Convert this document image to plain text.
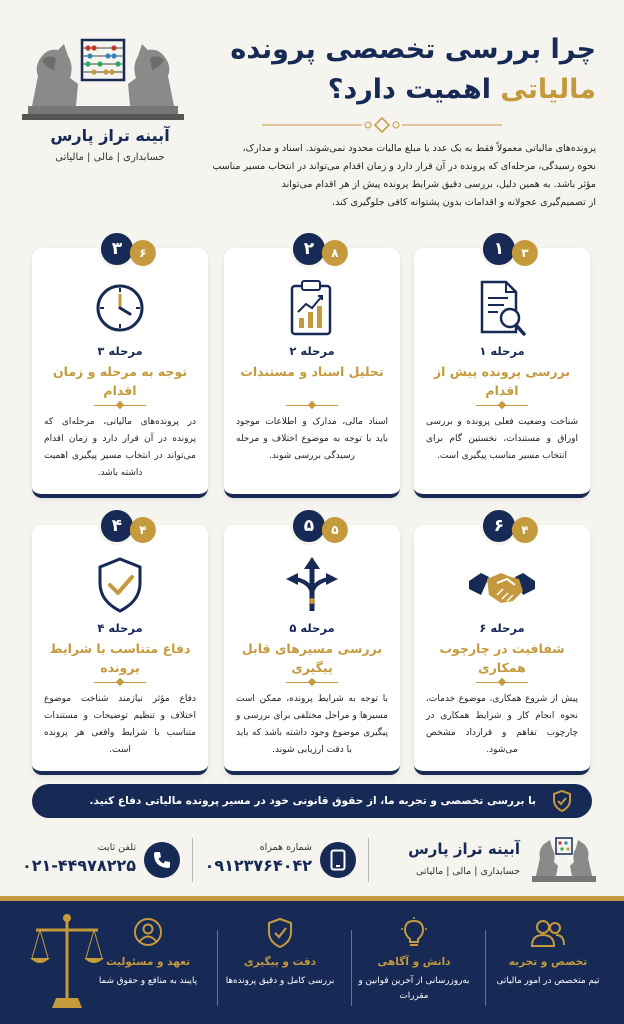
آبینه تراز پارس
حسابداری | مالی | مالیاتی
چرا بررسی تخصصی پرونده
مالیاتی اهمیت دارد؟
پرونده‌های مالیاتی معمولاً فقط به یک عدد یا مبلغ مالیات محدود نمی‌شوند. اسناد و مدارک،
نحوه رسیدگی، مرحله‌ای که پرونده در آن قرار دارد و زمان اقدام می‌تواند در انتخاب مسیر مناسب
مؤثر باشد. به همین دلیل، بررسی دقیق شرایط پرونده پیش از هر اقدام می‌تواند
از تصمیم‌گیری عجولانه و اقدامات بدون پشتوانه کافی جلوگیری کند.
۱	۳
مرحله ۱
بررسی پرونده پیش از اقدام
شناخت وضعیت فعلی پرونده و بررسی اوراق و مستندات، نخستین گام برای انتخاب مسیر مناسب پیگیری است.
۲	۸
مرحله ۲
تحلیل اسناد و مستندات
اسناد مالی، مدارک و اطلاعات موجود باید با توجه به موضوع اختلاف و مرحله رسیدگی بررسی شوند.
۳	۶
مرحله ۳
توجه به مرحله و زمان اقدام
در پرونده‌های مالیاتی، مرحله‌ای که پرونده در آن قرار دارد و زمان اقدام می‌تواند در انتخاب مسیر پیگیری اهمیت داشته باشد.
۶	۴
مرحله ۶
شفافیت در چارچوب همکاری
پیش از شروع همکاری، موضوع خدمات، نحوه انجام کار و شرایط همکاری در چارچوب تفاهم و قرارداد مشخص می‌شود.
۵	۵
مرحله ۵
بررسی مسیرهای قابل پیگیری
با توجه به شرایط پرونده، ممکن است مسیرها و مراحل مختلفی برای بررسی و پیگیری موضوع وجود داشته باشد که باید با دقت ارزیابی شوند.
۴	۴
مرحله ۴
دفاع متناسب با شرایط پرونده
دفاع مؤثر نیازمند شناخت موضوع اختلاف و تنظیم توضیحات و مستندات متناسب با شرایط واقعی هر پرونده است.
با بررسی تخصصی و تجربه ما، از حقوق قانونی خود در مسیر پرونده مالیاتی دفاع کنید.
آبینه تراز پارس
حسابداری | مالی | مالیاتی
شماره همراه
۰۹۱۲۳۷۶۴۰۴۲
تلفن ثابت
۰۲۱-۴۴۹۷۸۲۲۵
تخصص و تجربه
تیم متخصص در امور مالیاتی
دانش و آگاهی
به‌روزرسانی از آخرین قوانین و مقررات
دقت و پیگیری
بررسی کامل و دقیق پرونده‌ها
تعهد و مسئولیت
پایبند به منافع و حقوق شما
